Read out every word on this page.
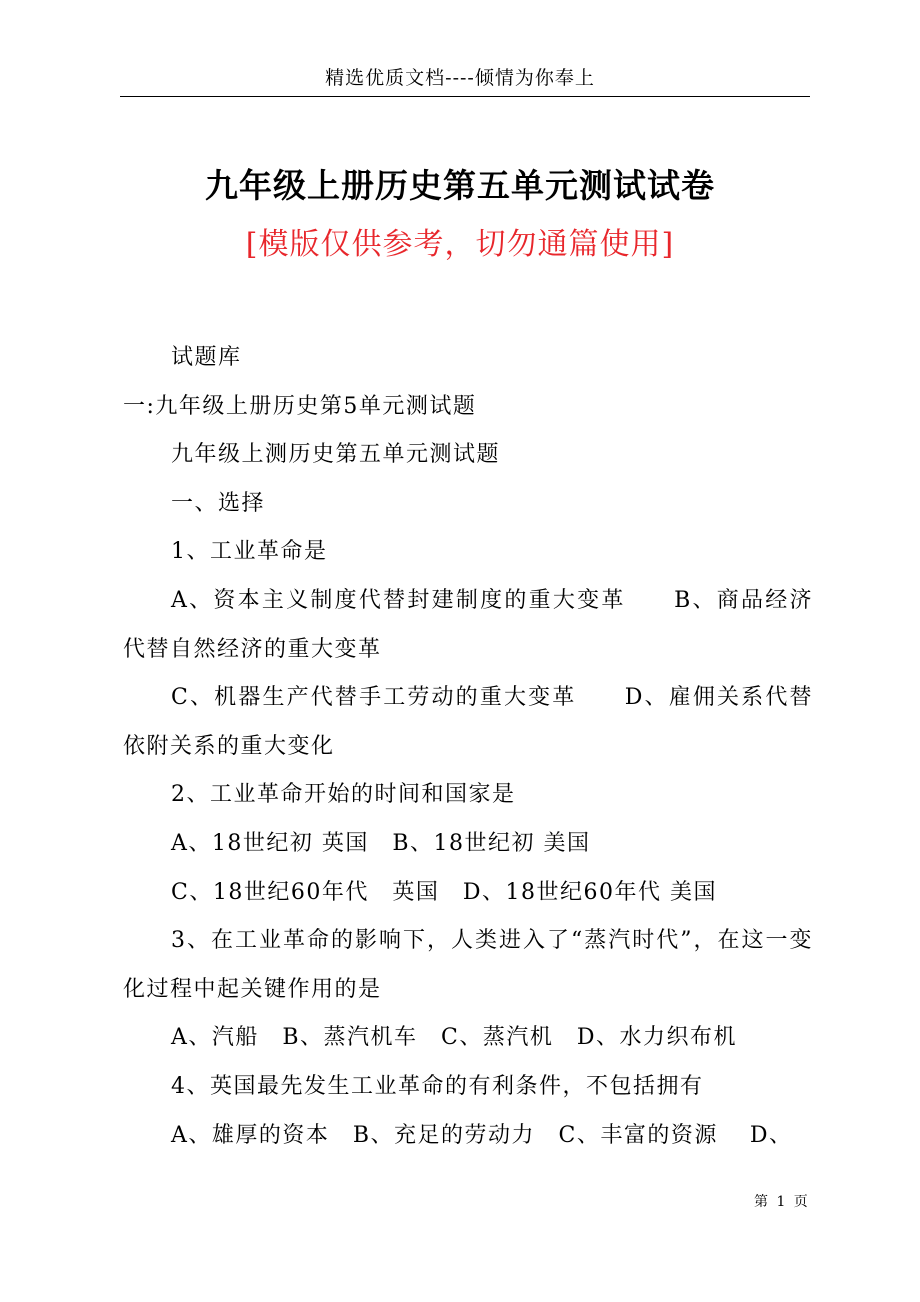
精选优质文档----倾情为你奉上
九年级上册历史第五单元测试试卷
[模版仅供参考，切勿通篇使用]

试题库

一:九年级上册历史第5单元测试题

九年级上测历史第五单元测试题

一、选择

1、工业革命是

A、资本主义制度代替封建制度的重大变革　　B、商品经济代替自然经济的重大变革

C、机器生产代替手工劳动的重大变革　　D、雇佣关系代替依附关系的重大变化

2、工业革命开始的时间和国家是

A、18世纪初 英国　B、18世纪初 美国

C、18世纪60年代　英国　D、18世纪60年代 美国

3、在工业革命的影响下，人类进入了“蒸汽时代”，在这一变化过程中起关键作用的是

A、汽船　B、蒸汽机车　C、蒸汽机　D、水力织布机

4、英国最先发生工业革命的有利条件，不包括拥有

A、雄厚的资本　B、充足的劳动力　C、丰富的资源　 D、

第 1 页
